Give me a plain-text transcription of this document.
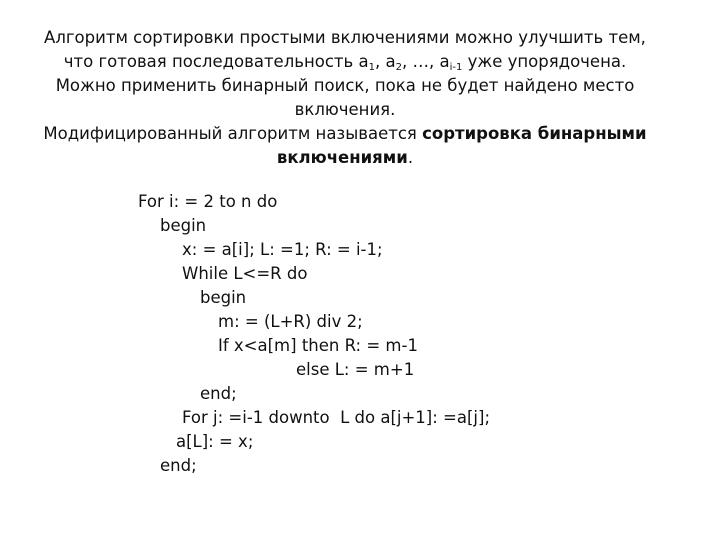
Алгоритм сортировки простыми включениями можно улучшить тем, что готовая последовательность $a_1$, $a_2$, …, $a_{i-1}$ уже упорядочена. Можно применить бинарный поиск, пока не будет найдено место включения.

Модифицированный алгоритм называется сортировка бинарными включениями.

For i: = 2 to n do
begin
x: = a[i]; L: =1; R: = i-1;
While L<=R do
begin
m: = (L+R) div 2;
If x<a[m] then R: = m-1
else L: = m+1
end;
For j: =i-1 downto  L do a[j+1]: =a[j];
a[L]: = x;
end;
